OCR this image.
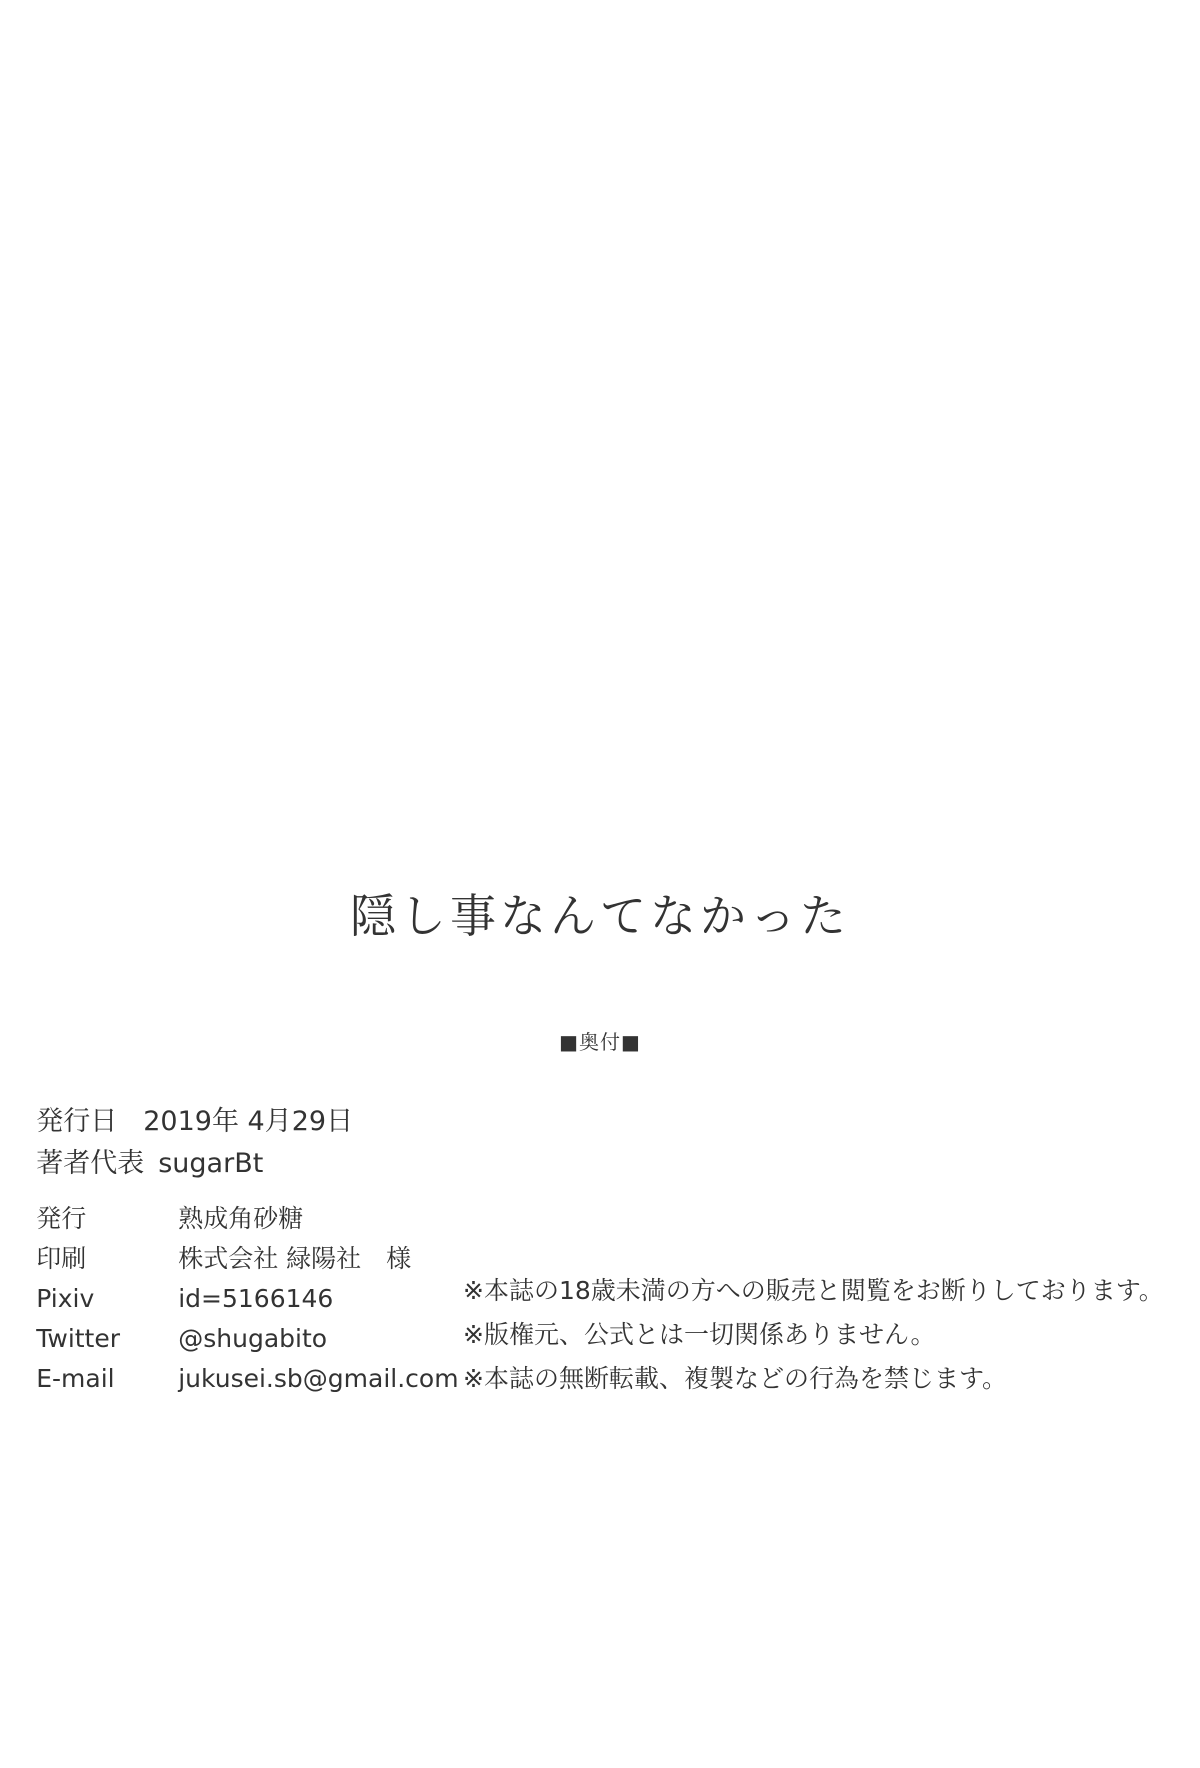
隠し事なんてなかった
■奥付■
発行日 2019年 4月29日
著者代表 sugarBt
発行	熟成角砂糖
印刷	株式会社 緑陽社　様
Pixiv	id=5166146
Twitter	@shugabito
E-mail	jukusei.sb@gmail.com

※本誌の18歳未満の方への販売と閲覧をお断りしております。
※版権元、公式とは一切関係ありません。
※本誌の無断転載、複製などの行為を禁じます。
